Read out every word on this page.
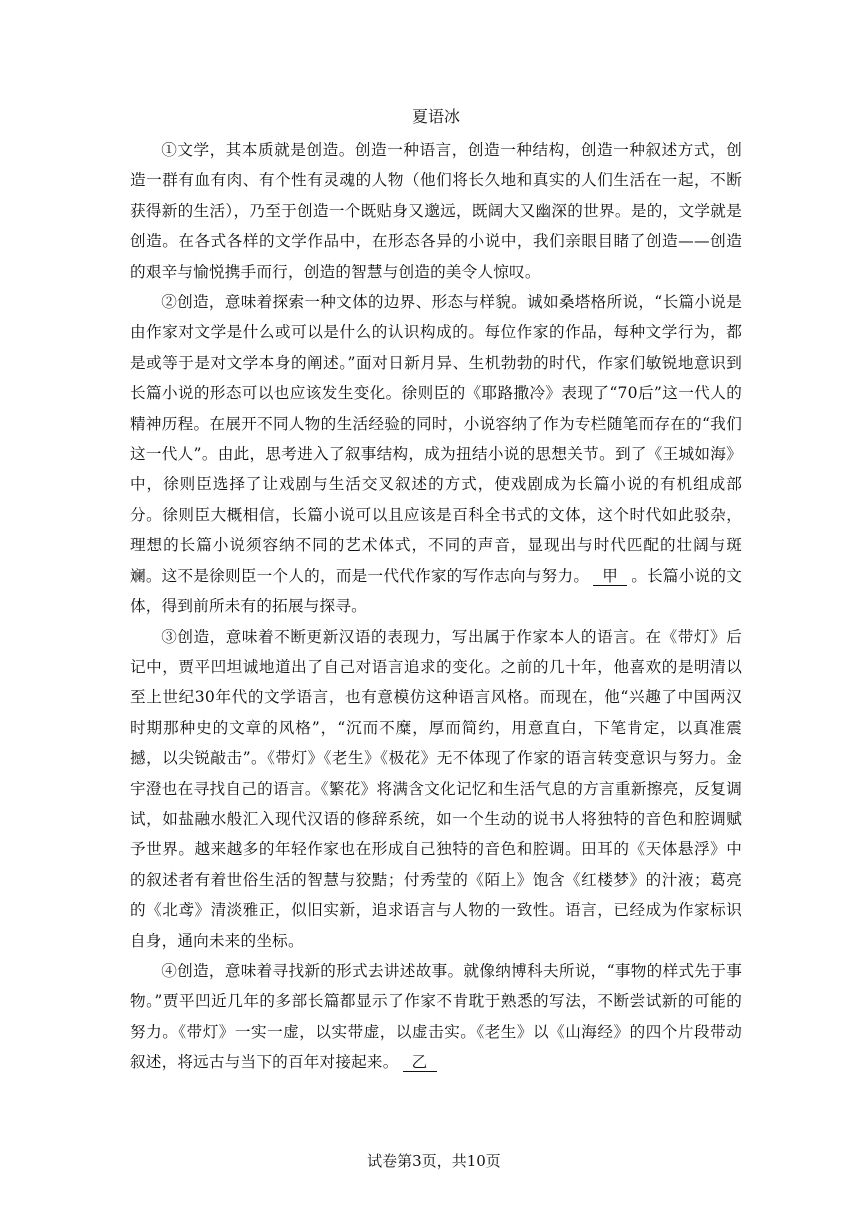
夏语冰

①文学，其本质就是创造。创造一种语言，创造一种结构，创造一种叙述方式，创造一群有血有肉、有个性有灵魂的人物（他们将长久地和真实的人们生活在一起，不断获得新的生活），乃至于创造一个既贴身又邈远，既阔大又幽深的世界。是的，文学就是创造。在各式各样的文学作品中，在形态各异的小说中，我们亲眼目睹了创造——创造的艰辛与愉悦携手而行，创造的智慧与创造的美令人惊叹。

②创造，意味着探索一种文体的边界、形态与样貌。诚如桑塔格所说，“长篇小说是由作家对文学是什么或可以是什么的认识构成的。每位作家的作品，每种文学行为，都是或等于是对文学本身的阐述。”面对日新月异、生机勃勃的时代，作家们敏锐地意识到长篇小说的形态可以也应该发生变化。徐则臣的《耶路撒冷》表现了“70后”这一代人的精神历程。在展开不同人物的生活经验的同时，小说容纳了作为专栏随笔而存在的“我们这一代人”。由此，思考进入了叙事结构，成为扭结小说的思想关节。到了《王城如海》中，徐则臣选择了让戏剧与生活交叉叙述的方式，使戏剧成为长篇小说的有机组成部分。徐则臣大概相信，长篇小说可以且应该是百科全书式的文体，这个时代如此驳杂，理想的长篇小说须容纳不同的艺术体式，不同的声音，显现出与时代匹配的壮阔与斑斓。这不是徐则臣一个人的，而是一代代作家的写作志向与努力。 甲 。长篇小说的文体，得到前所未有的拓展与探寻。

③创造，意味着不断更新汉语的表现力，写出属于作家本人的语言。在《带灯》后记中，贾平凹坦诚地道出了自己对语言追求的变化。之前的几十年，他喜欢的是明清以至上世纪30年代的文学语言，也有意模仿这种语言风格。而现在，他“兴趣了中国两汉时期那种史的文章的风格”，“沉而不糜，厚而简约，用意直白，下笔肯定，以真准震撼，以尖锐敲击”。《带灯》《老生》《极花》无不体现了作家的语言转变意识与努力。金宇澄也在寻找自己的语言。《繁花》将满含文化记忆和生活气息的方言重新擦亮，反复调试，如盐融水般汇入现代汉语的修辞系统，如一个生动的说书人将独特的音色和腔调赋予世界。越来越多的年轻作家也在形成自己独特的音色和腔调。田耳的《天体悬浮》中的叙述者有着世俗生活的智慧与狡黠；付秀莹的《陌上》饱含《红楼梦》的汁液；葛亮的《北鸢》清淡雅正，似旧实新，追求语言与人物的一致性。语言，已经成为作家标识自身，通向未来的坐标。

④创造，意味着寻找新的形式去讲述故事。就像纳博科夫所说，“事物的样式先于事物。”贾平凹近几年的多部长篇都显示了作家不肯耽于熟悉的写法，不断尝试新的可能的努力。《带灯》一实一虚，以实带虚，以虚击实。《老生》以《山海经》的四个片段带动叙述，将远古与当下的百年对接起来。 乙

试卷第3页，共10页
